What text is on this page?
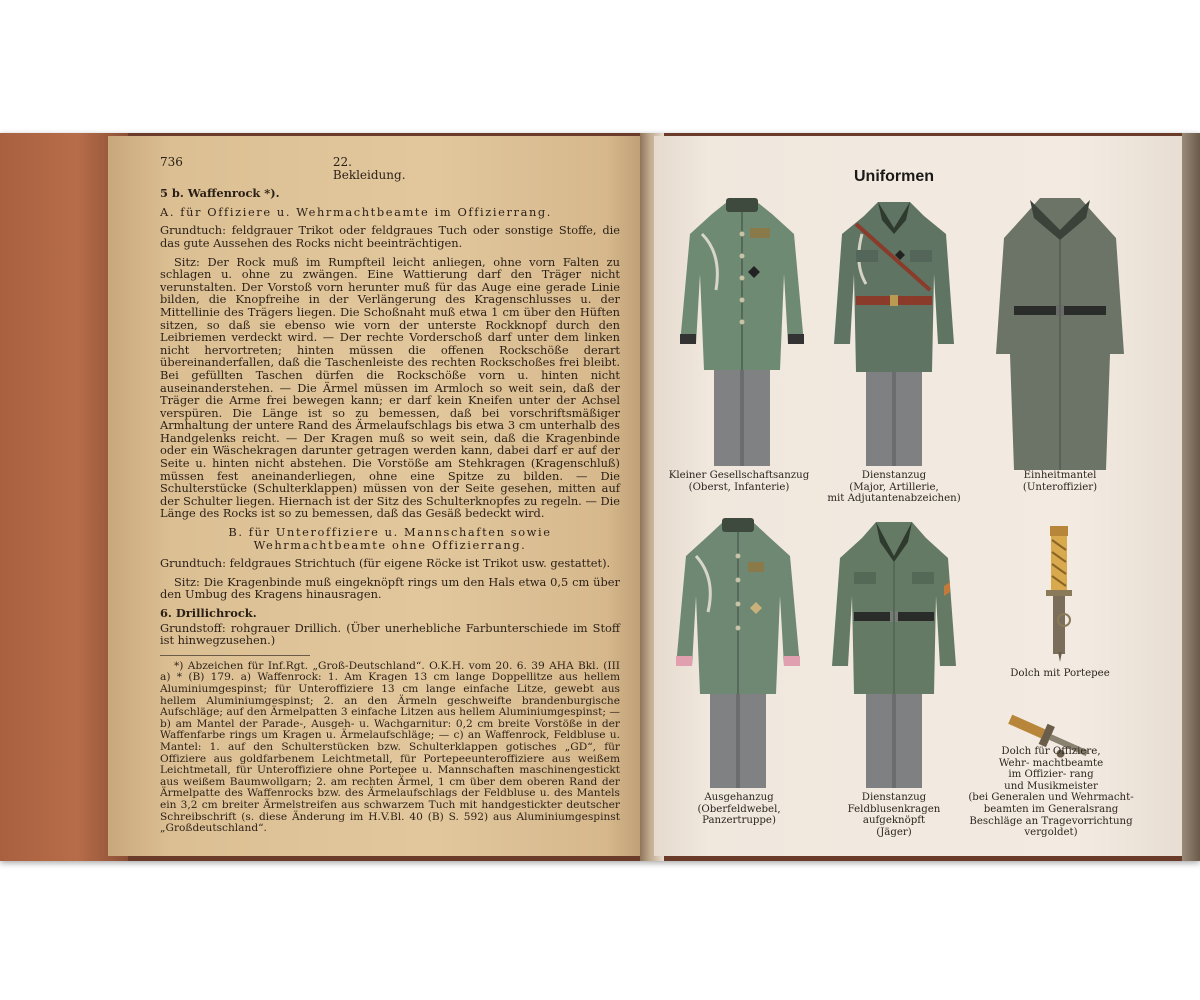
736	22. Bekleidung.

5 b. Waffenrock *).

A. für Offiziere u. Wehrmachtbeamte im Offizierrang.

Grundtuch: feldgrauer Trikot oder feldgraues Tuch oder sonstige Stoffe, die das gute Aussehen des Rocks nicht beeinträchtigen.

Sitz: Der Rock muß im Rumpfteil leicht anliegen, ohne vorn Falten zu schlagen u. ohne zu zwängen. Eine Wattierung darf den Träger nicht verunstalten. Der Vorstoß vorn herunter muß für das Auge eine gerade Linie bilden, die Knopfreihe in der Verlängerung des Kragenschlusses u. der Mittellinie des Trägers liegen. Die Schoßnaht muß etwa 1 cm über den Hüften sitzen, so daß sie ebenso wie vorn der unterste Rockknopf durch den Leibriemen verdeckt wird. — Der rechte Vorderschoß darf unter dem linken nicht hervortreten; hinten müssen die offenen Rockschöße derart übereinanderfallen, daß die Taschenleiste des rechten Rockschoßes frei bleibt. Bei gefüllten Taschen dürfen die Rockschöße vorn u. hinten nicht auseinanderstehen. — Die Ärmel müssen im Armloch so weit sein, daß der Träger die Arme frei bewegen kann; er darf kein Kneifen unter der Achsel verspüren. Die Länge ist so zu bemessen, daß bei vorschriftsmäßiger Armhaltung der untere Rand des Ärmelaufschlags bis etwa 3 cm unterhalb des Handgelenks reicht. — Der Kragen muß so weit sein, daß die Kragenbinde oder ein Wäschekragen darunter getragen werden kann, dabei darf er auf der Seite u. hinten nicht abstehen. Die Vorstöße am Stehkragen (Kragenschluß) müssen fest aneinanderliegen, ohne eine Spitze zu bilden. — Die Schulterstücke (Schulterklappen) müssen von der Seite gesehen, mitten auf der Schulter liegen. Hiernach ist der Sitz des Schulterknopfes zu regeln. — Die Länge des Rocks ist so zu bemessen, daß das Gesäß bedeckt wird.

B. für Unteroffiziere u. Mannschaften sowie Wehrmachtbeamte ohne Offizierrang.

Grundtuch: feldgraues Strichtuch (für eigene Röcke ist Trikot usw. gestattet).

Sitz: Die Kragenbinde muß eingeknöpft rings um den Hals etwa 0,5 cm über den Umbug des Kragens hinausragen.

6. Drillichrock.

Grundstoff: rohgrauer Drillich. (Über unerhebliche Farbunterschiede im Stoff ist hinwegzusehen.)

*) Abzeichen für Inf.Rgt. „Groß-Deutschland“. O.K.H. vom 20. 6. 39 AHA Bkl. (III a) * (B) 179. a) Waffenrock: 1. Am Kragen 13 cm lange Doppellitze aus hellem Aluminiumgespinst; für Unteroffiziere 13 cm lange einfache Litze, gewebt aus hellem Aluminiumgespinst; 2. an den Ärmeln geschweifte brandenburgische Aufschläge; auf den Ärmelpatten 3 einfache Litzen aus hellem Aluminiumgespinst; — b) am Mantel der Parade-, Ausgeh- u. Wachgarnitur: 0,2 cm breite Vorstöße in der Waffenfarbe rings um Kragen u. Ärmelaufschläge; — c) an Waffenrock, Feldbluse u. Mantel: 1. auf den Schulterstücken bzw. Schulterklappen gotisches „GD“, für Offiziere aus goldfarbenem Leichtmetall, für Portepeeunteroffiziere aus weißem Leichtmetall, für Unteroffiziere ohne Portepee u. Mannschaften maschinengestickt aus weißem Baumwollgarn; 2. am rechten Ärmel, 1 cm über dem oberen Rand der Ärmelpatte des Waffenrocks bzw. des Ärmelaufschlags der Feldbluse u. des Mantels ein 3,2 cm breiter Ärmelstreifen aus schwarzem Tuch mit handgestickter deutscher Schreibschrift (s. diese Änderung im H.V.Bl. 40 (B) S. 592) aus Aluminiumgespinst „Großdeutschland“.

Uniformen
Kleiner Gesellschaftsanzug
(Oberst, Infanterie)
Dienstanzug
(Major, Artillerie,
mit Adjutantenabzeichen)
Einheitmantel
(Unteroffizier)
Ausgehanzug
(Oberfeldwebel,
Panzertruppe)
Dienstanzug
Feldblusenkragen
aufgeknöpft
(Jäger)
Dolch mit Portepee
Dolch für Offiziere,
Wehr- machtbeamte
im Offizier- rang
und Musikmeister
(bei Generalen und Wehrmacht-
beamten im Generalsrang
Beschläge an Tragevorrichtung
vergoldet)
